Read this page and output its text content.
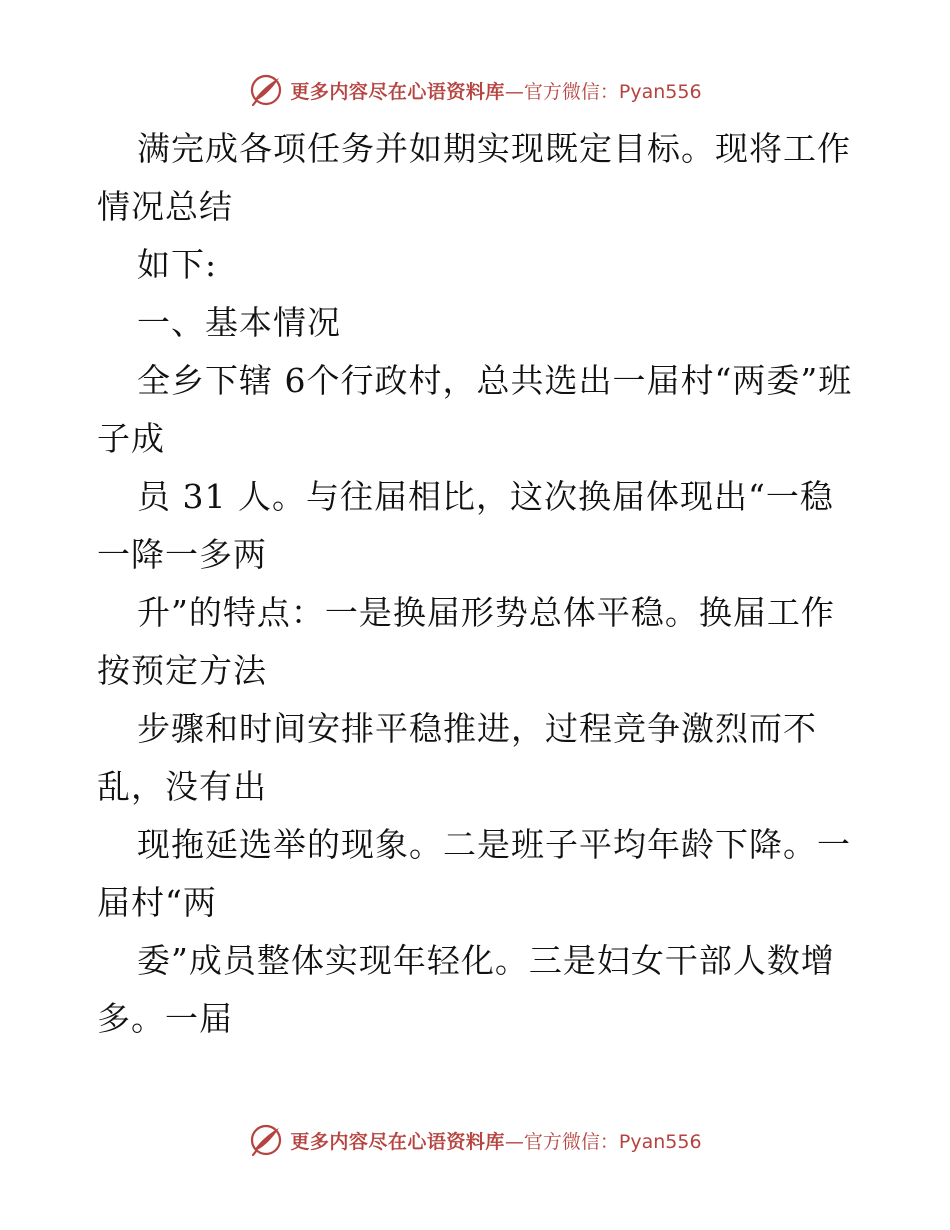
更多内容尽在心语资料库 —官方微信：Pyan556

满完成各项任务并如期实现既定目标。现将工作情况总结

如下:

一、基本情况

全乡下辖 6个行政村，总共选出一届村“两委”班子成

员 31 人。与往届相比，这次换届体现出“一稳一降一多两

升”的特点：一是换届形势总体平稳。换届工作按预定方法

步骤和时间安排平稳推进，过程竞争激烈而不乱，没有出

现拖延选举的现象。二是班子平均年龄下降。一届村“两

委”成员整体实现年轻化。三是妇女干部人数增多。一届

更多内容尽在心语资料库 —官方微信：Pyan556
